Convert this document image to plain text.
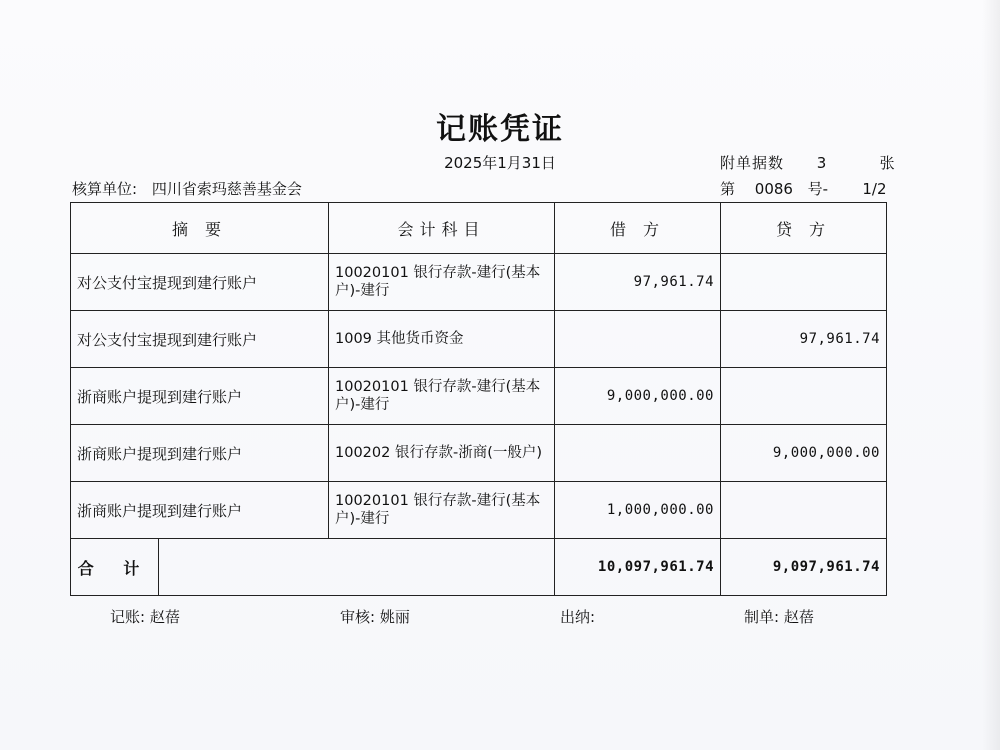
记账凭证
2025年1月31日	附单据数 3	张
核算单位: 四川省索玛慈善基金会	第 0086 号- 1/2
摘 要		会计科目	借 方	贷 方
对公支付宝提现到建行账户		10020101 银行存款-建行(基本户)-建行	97,961.74	
对公支付宝提现到建行账户		1009 其他货币资金		97,961.74
浙商账户提现到建行账户		10020101 银行存款-建行(基本户)-建行	9,000,000.00	
浙商账户提现到建行账户		100202 银行存款-浙商(一般户)		9,000,000.00
浙商账户提现到建行账户		10020101 银行存款-建行(基本户)-建行	1,000,000.00	
合 计			10,097,961.74	9,097,961.74
记账: 赵蓓	审核: 姚丽	出纳:	制单: 赵蓓
